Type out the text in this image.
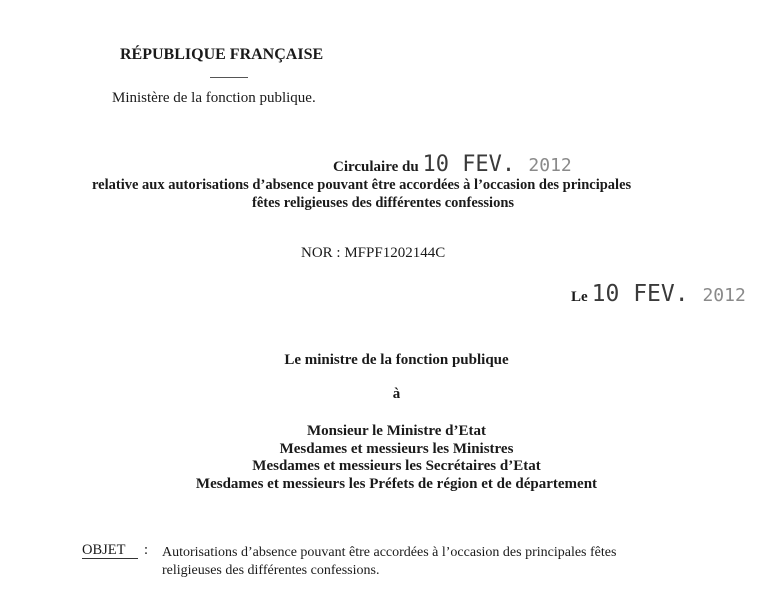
RÉPUBLIQUE FRANÇAISE
Ministère de la fonction publique.
Circulaire du 10 FEV. 2012
relative aux autorisations d’absence pouvant être accordées à l’occasion des principales
fêtes religieuses des différentes confessions
NOR : MFPF1202144C
Le 10 FEV. 2012
Le ministre de la fonction publique
à
Monsieur le Ministre d’Etat
Mesdames et messieurs les Ministres
Mesdames et messieurs les Secrétaires d’Etat
Mesdames et messieurs les Préfets de région et de département
OBJET : Autorisations d’absence pouvant être accordées à l’occasion des principales fêtes
religieuses des différentes confessions.
